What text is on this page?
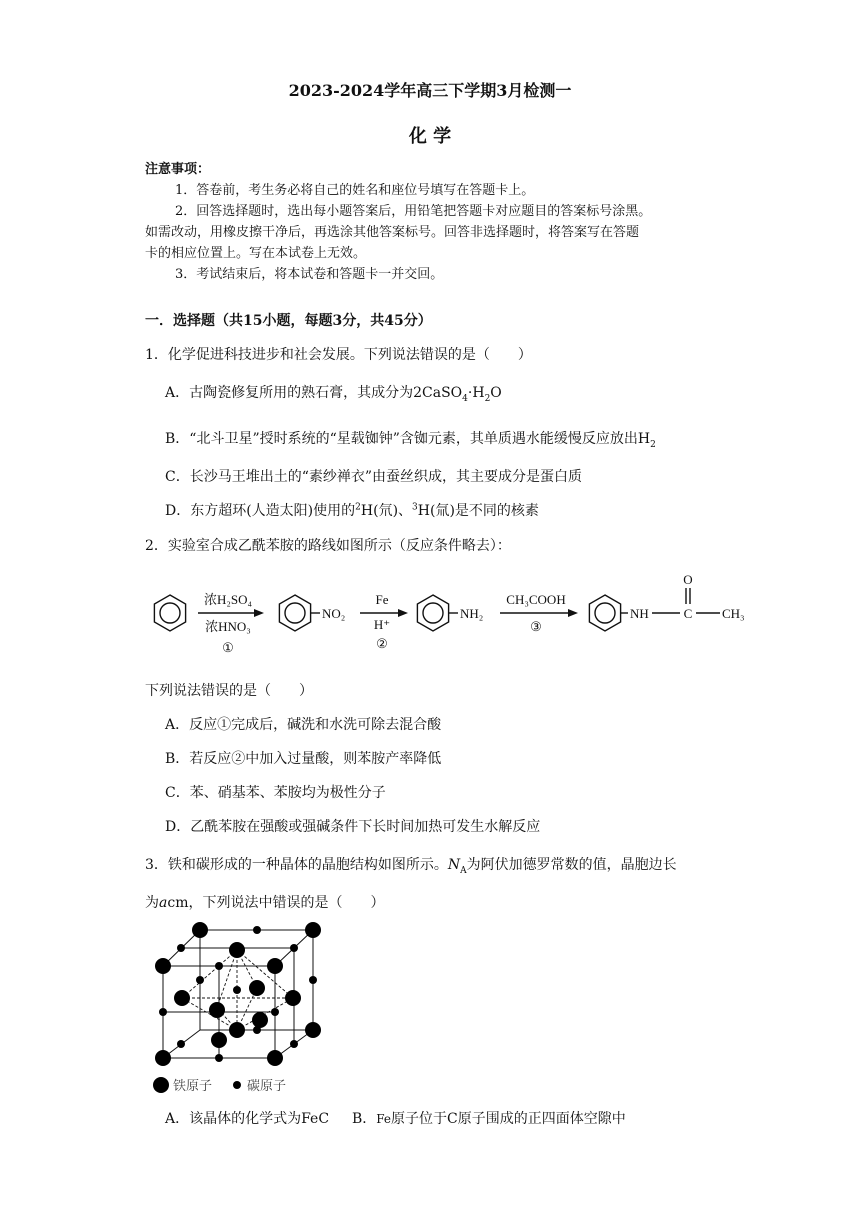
2023-2024学年高三下学期3月检测一
化 学
注意事项：
1．答卷前，考生务必将自己的姓名和座位号填写在答题卡上。
2．回答选择题时，选出每小题答案后，用铅笔把答题卡对应题目的答案标号涂黑。
如需改动，用橡皮擦干净后，再选涂其他答案标号。回答非选择题时，将答案写在答题
卡的相应位置上。写在本试卷上无效。
3．考试结束后，将本试卷和答题卡一并交回。
一．选择题（共15小题，每题3分，共45分）
1．化学促进科技进步和社会发展。下列说法错误的是（　　）
A．古陶瓷修复所用的熟石膏，其成分为$2CaSO_4\cdot H_2O$
B．“北斗卫星”授时系统的“星载铷钟”含铷元素，其单质遇水能缓慢反应放出$H_2$
C．长沙马王堆出土的“素纱禅衣”由蚕丝织成，其主要成分是蛋白质
D．东方超环(人造太阳)使用的$^2$H(氘)、$^3$H(氚)是不同的核素
2．实验室合成乙酰苯胺的路线如图所示（反应条件略去）：
浓H₂SO₄
浓HNO₃
①
NO₂
Fe
H⁺
②
NH₂
CH₃COOH
③
NH	C
O
CH₃
下列说法错误的是（　　）
A．反应①完成后，碱洗和水洗可除去混合酸
B．若反应②中加入过量酸，则苯胺产率降低
C．苯、硝基苯、苯胺均为极性分子
D．乙酰苯胺在强酸或强碱条件下长时间加热可发生水解反应
3．铁和碳形成的一种晶体的晶胞结构如图所示。$N_A$为阿伏加德罗常数的值，晶胞边长
为acm，下列说法中错误的是（　　）
铁原子	碳原子
A．该晶体的化学式为FeC B．Fe原子位于C原子围成的正四面体空隙中
